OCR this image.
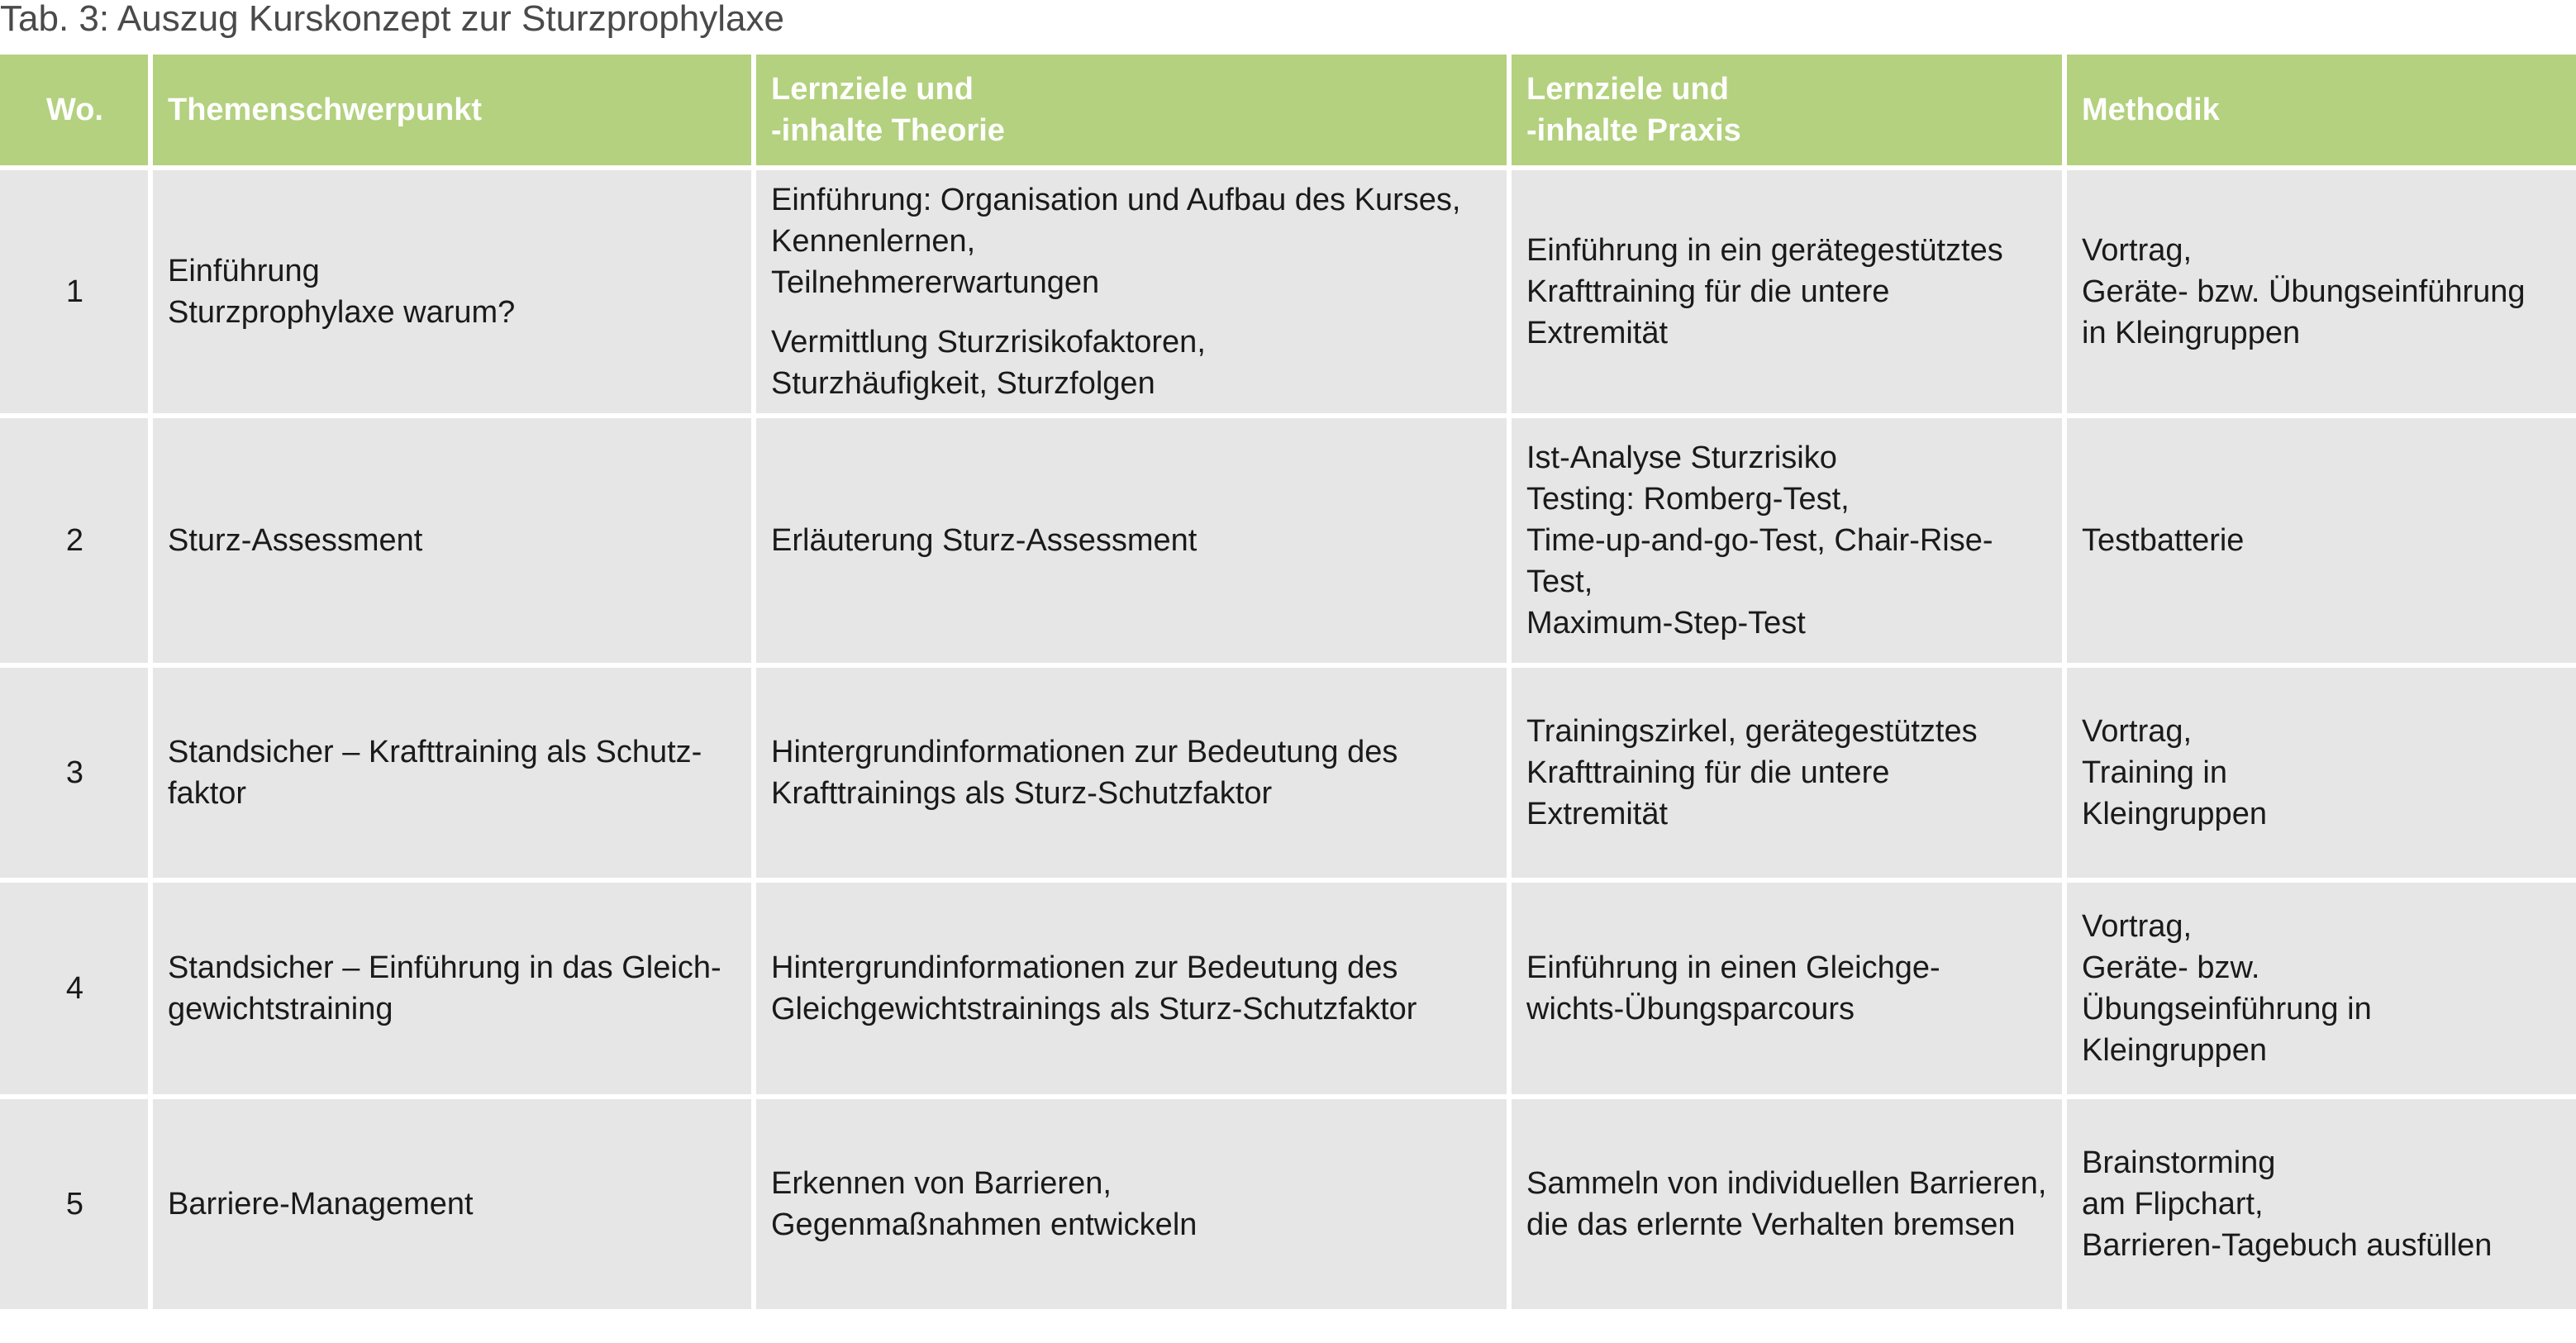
Tab. 3: Auszug Kurskonzept zur Sturzprophylaxe
Wo.	Themenschwerpunkt	Lernziele und
-inhalte Theorie	Lernziele und
-inhalte Praxis	Methodik
1	Einführung
Sturzprophylaxe warum?	Einführung: Organisation und Aufbau des Kurses,
Kennenlernen,
Teilnehmererwartungen
Vermittlung Sturzrisikofaktoren,
Sturzhäufigkeit, Sturzfolgen	Einführung in ein gerätegestütztes
Krafttraining für die untere
Extremität	Vortrag,
Geräte- bzw. Übungseinführung
in Kleingruppen

2	Sturz-Assessment	Erläuterung Sturz-Assessment	Ist-Analyse Sturzrisiko
Testing: Romberg-Test,
Time-up-and-go-Test, Chair-Rise-Test,
Maximum-Step-Test	Testbatterie

3	Standsicher – Krafttraining als Schutz-
faktor	Hintergrundinformationen zur Bedeutung des
Krafttrainings als Sturz-Schutzfaktor	Trainingszirkel, gerätegestütztes
Krafttraining für die untere
Extremität	Vortrag,
Training in
Kleingruppen

4	Standsicher – Einführung in das Gleich-
gewichtstraining	Hintergrundinformationen zur Bedeutung des
Gleichgewichtstrainings als Sturz-Schutzfaktor	Einführung in einen Gleichge-
wichts-Übungsparcours	Vortrag,
Geräte- bzw.
Übungseinführung in
Kleingruppen

5	Barriere-Management	Erkennen von Barrieren,
Gegenmaßnahmen entwickeln	Sammeln von individuellen Barrieren,
die das erlernte Verhalten bremsen	Brainstorming
am Flipchart,
Barrieren-Tagebuch ausfüllen
